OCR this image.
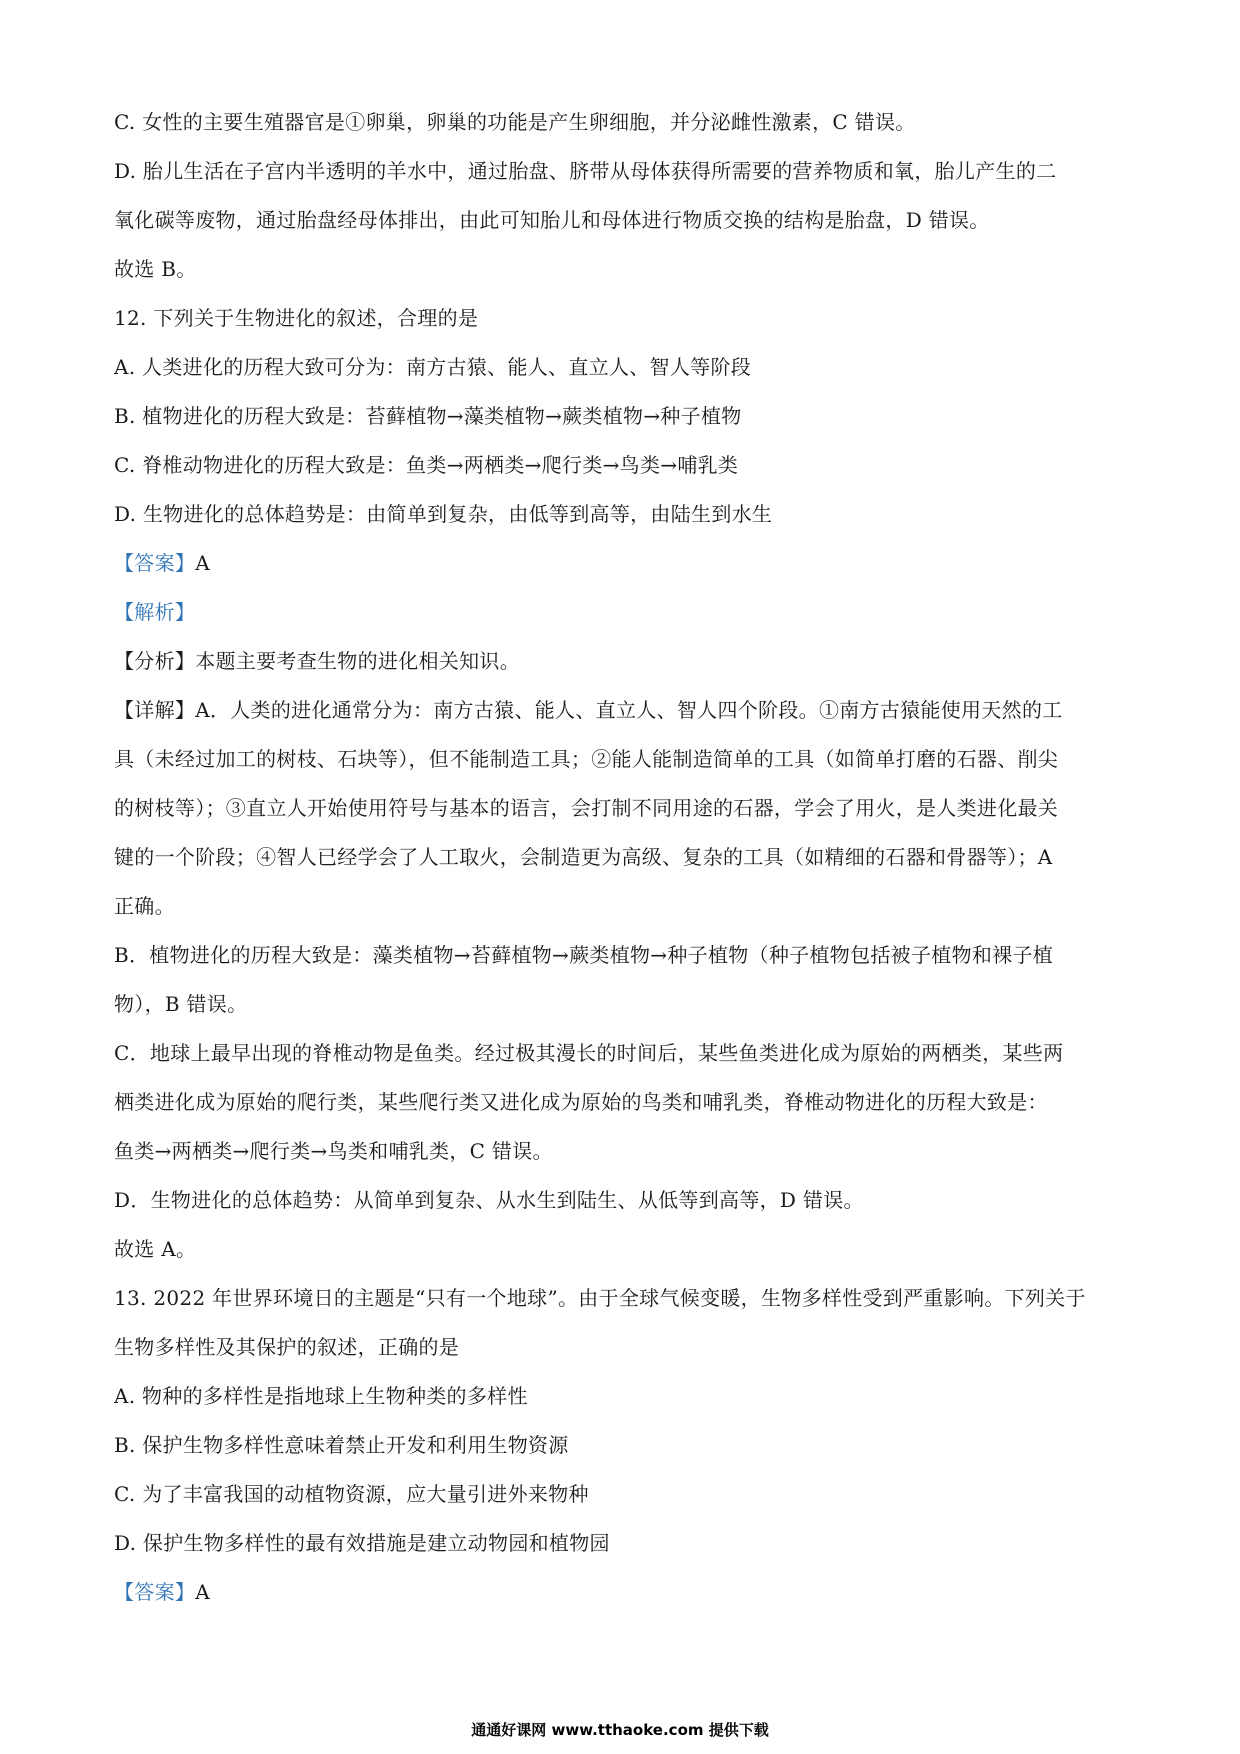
C. 女性的主要生殖器官是①卵巢，卵巢的功能是产生卵细胞，并分泌雌性激素，C 错误。
D. 胎儿生活在子宫内半透明的羊水中，通过胎盘、脐带从母体获得所需要的营养物质和氧，胎儿产生的二
氧化碳等废物，通过胎盘经母体排出，由此可知胎儿和母体进行物质交换的结构是胎盘，D 错误。
故选 B。
12. 下列关于生物进化的叙述，合理的是
A. 人类进化的历程大致可分为：南方古猿、能人、直立人、智人等阶段
B. 植物进化的历程大致是：苔藓植物→藻类植物→蕨类植物→种子植物
C. 脊椎动物进化的历程大致是：鱼类→两栖类→爬行类→鸟类→哺乳类
D. 生物进化的总体趋势是：由简单到复杂，由低等到高等，由陆生到水生
【答案】A
【解析】
【分析】本题主要考查生物的进化相关知识。
【详解】A．人类的进化通常分为：南方古猿、能人、直立人、智人四个阶段。①南方古猿能使用天然的工
具（未经过加工的树枝、石块等），但不能制造工具；②能人能制造简单的工具（如简单打磨的石器、削尖
的树枝等）；③直立人开始使用符号与基本的语言，会打制不同用途的石器，学会了用火，是人类进化最关
键的一个阶段；④智人已经学会了人工取火，会制造更为高级、复杂的工具（如精细的石器和骨器等）；A
正确。
B．植物进化的历程大致是：藻类植物→苔藓植物→蕨类植物→种子植物（种子植物包括被子植物和裸子植
物），B 错误。
C．地球上最早出现的脊椎动物是鱼类。经过极其漫长的时间后，某些鱼类进化成为原始的两栖类，某些两
栖类进化成为原始的爬行类，某些爬行类又进化成为原始的鸟类和哺乳类，脊椎动物进化的历程大致是：
鱼类→两栖类→爬行类→鸟类和哺乳类，C 错误。
D．生物进化的总体趋势：从简单到复杂、从水生到陆生、从低等到高等，D 错误。
故选 A。
13. 2022 年世界环境日的主题是“只有一个地球”。由于全球气候变暖，生物多样性受到严重影响。下列关于
生物多样性及其保护的叙述，正确的是
A. 物种的多样性是指地球上生物种类的多样性
B. 保护生物多样性意味着禁止开发和利用生物资源
C. 为了丰富我国的动植物资源，应大量引进外来物种
D. 保护生物多样性的最有效措施是建立动物园和植物园
【答案】A
通通好课网 www.tthaoke.com 提供下载
